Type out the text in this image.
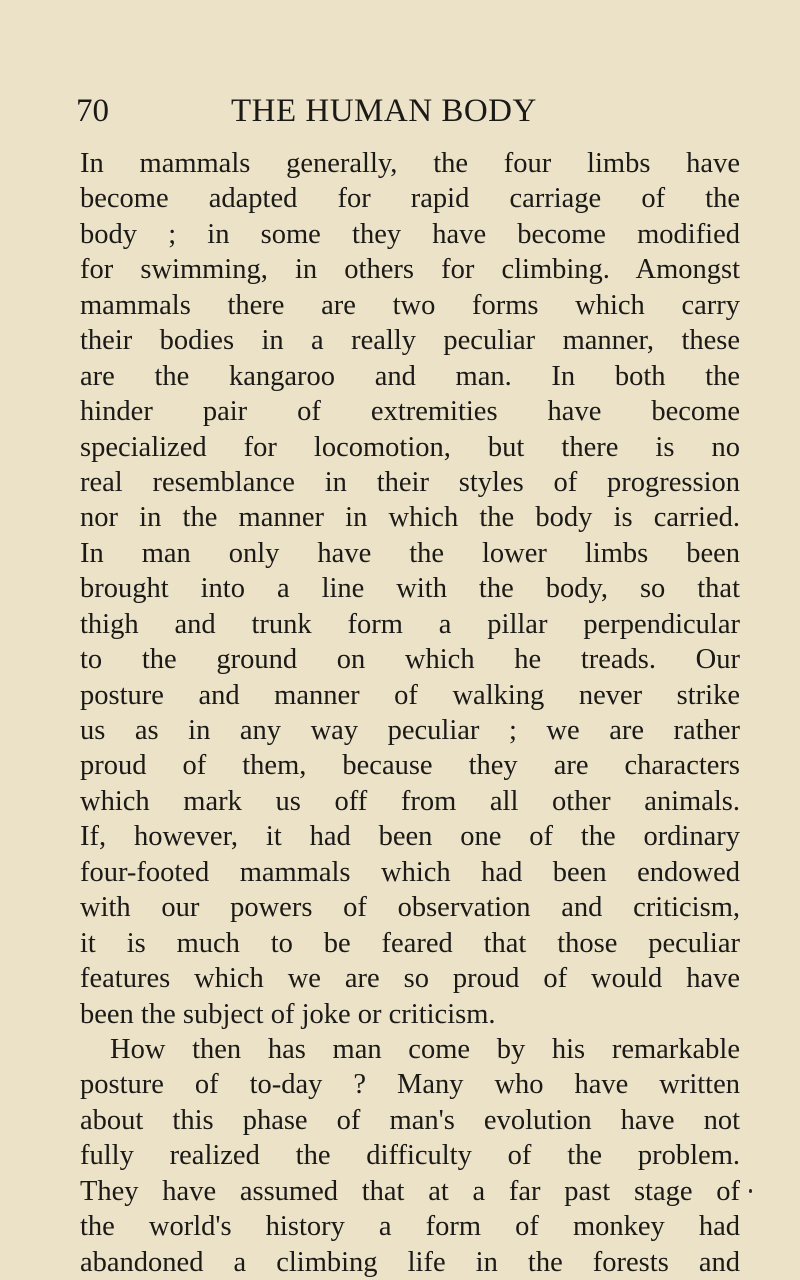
70	THE HUMAN BODY
In mammals generally, the four limbs have
become adapted for rapid carriage of the
body ; in some they have become modified
for swimming, in others for climbing. Amongst
mammals there are two forms which carry
their bodies in a really peculiar manner, these
are the kangaroo and man. In both the
hinder pair of extremities have become
specialized for locomotion, but there is no
real resemblance in their styles of progression
nor in the manner in which the body is carried.
In man only have the lower limbs been
brought into a line with the body, so that
thigh and trunk form a pillar perpendicular
to the ground on which he treads. Our
posture and manner of walking never strike
us as in any way peculiar ; we are rather
proud of them, because they are characters
which mark us off from all other animals.
If, however, it had been one of the ordinary
four-footed mammals which had been endowed
with our powers of observation and criticism,
it is much to be feared that those peculiar
features which we are so proud of would have
been the subject of joke or criticism.
How then has man come by his remarkable
posture of to-day ? Many who have written
about this phase of man's evolution have not
fully realized the difficulty of the problem.
They have assumed that at a far past stage of
the world's history a form of monkey had
abandoned a climbing life in the forests and
